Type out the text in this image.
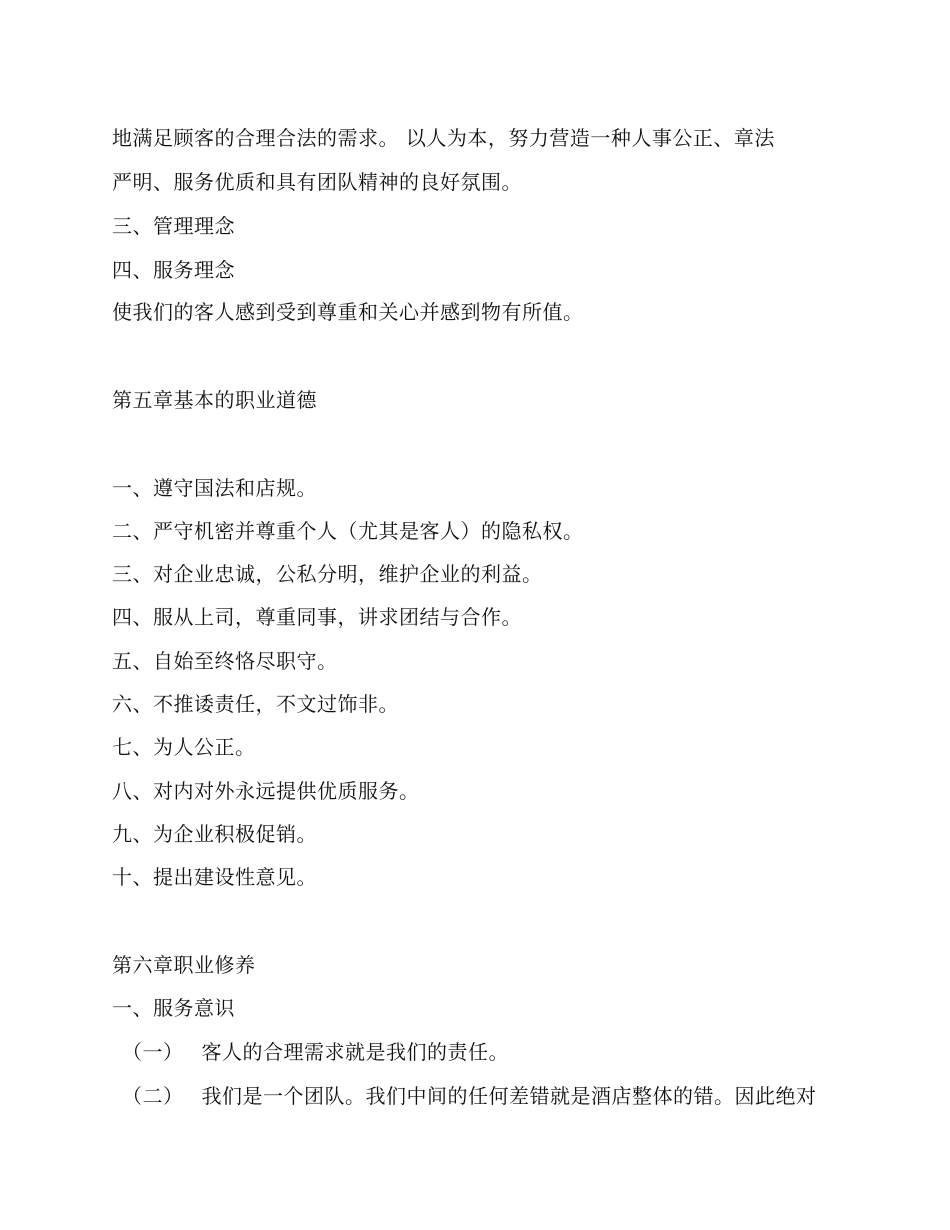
地满足顾客的合理合法的需求。 以人为本，努力营造一种人事公正、章法
严明、服务优质和具有团队精神的良好氛围。
三、管理理念
四、服务理念
使我们的客人感到受到尊重和关心并感到物有所值。
第五章基本的职业道德
一、遵守国法和店规。
二、严守机密并尊重个人（尤其是客人）的隐私权。
三、对企业忠诚，公私分明，维护企业的利益。
四、服从上司，尊重同事，讲求团结与合作。
五、自始至终恪尽职守。
六、不推诿责任，不文过饰非。
七、为人公正。
八、对内对外永远提供优质服务。
九、为企业积极促销。
十、提出建设性意见。
第六章职业修养
一、服务意识
（一） 客人的合理需求就是我们的责任。
（二） 我们是一个团队。我们中间的任何差错就是酒店整体的错。因此绝对
